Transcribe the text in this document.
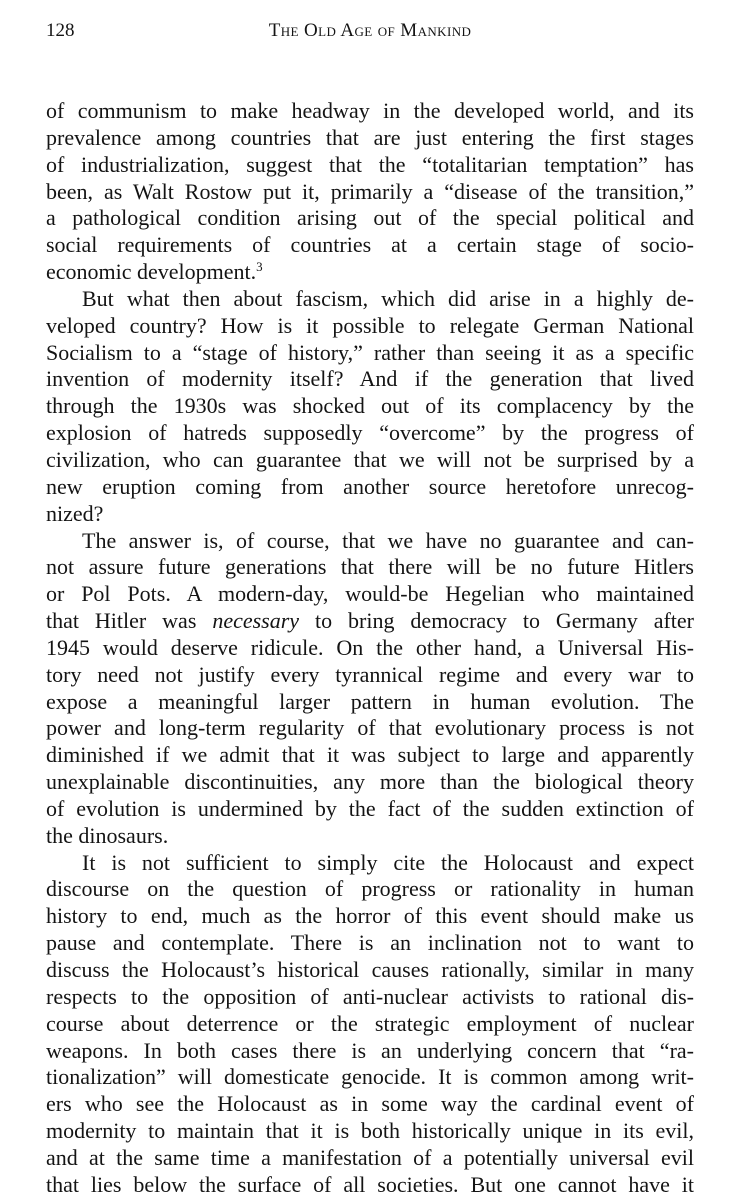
128	The Old Age of Mankind
of communism to make headway in the developed world, and its
prevalence among countries that are just entering the first stages
of industrialization, suggest that the “totalitarian temptation” has
been, as Walt Rostow put it, primarily a “disease of the transition,”
a pathological condition arising out of the special political and
social requirements of countries at a certain stage of socio-
economic development.$^3$
But what then about fascism, which did arise in a highly de-
veloped country? How is it possible to relegate German National
Socialism to a “stage of history,” rather than seeing it as a specific
invention of modernity itself? And if the generation that lived
through the 1930s was shocked out of its complacency by the
explosion of hatreds supposedly “overcome” by the progress of
civilization, who can guarantee that we will not be surprised by a
new eruption coming from another source heretofore unrecog-
nized?
The answer is, of course, that we have no guarantee and can-
not assure future generations that there will be no future Hitlers
or Pol Pots. A modern-day, would-be Hegelian who maintained
that Hitler was necessary to bring democracy to Germany after
1945 would deserve ridicule. On the other hand, a Universal His-
tory need not justify every tyrannical regime and every war to
expose a meaningful larger pattern in human evolution. The
power and long-term regularity of that evolutionary process is not
diminished if we admit that it was subject to large and apparently
unexplainable discontinuities, any more than the biological theory
of evolution is undermined by the fact of the sudden extinction of
the dinosaurs.
It is not sufficient to simply cite the Holocaust and expect
discourse on the question of progress or rationality in human
history to end, much as the horror of this event should make us
pause and contemplate. There is an inclination not to want to
discuss the Holocaust’s historical causes rationally, similar in many
respects to the opposition of anti-nuclear activists to rational dis-
course about deterrence or the strategic employment of nuclear
weapons. In both cases there is an underlying concern that “ra-
tionalization” will domesticate genocide. It is common among writ-
ers who see the Holocaust as in some way the cardinal event of
modernity to maintain that it is both historically unique in its evil,
and at the same time a manifestation of a potentially universal evil
that lies below the surface of all societies. But one cannot have it
